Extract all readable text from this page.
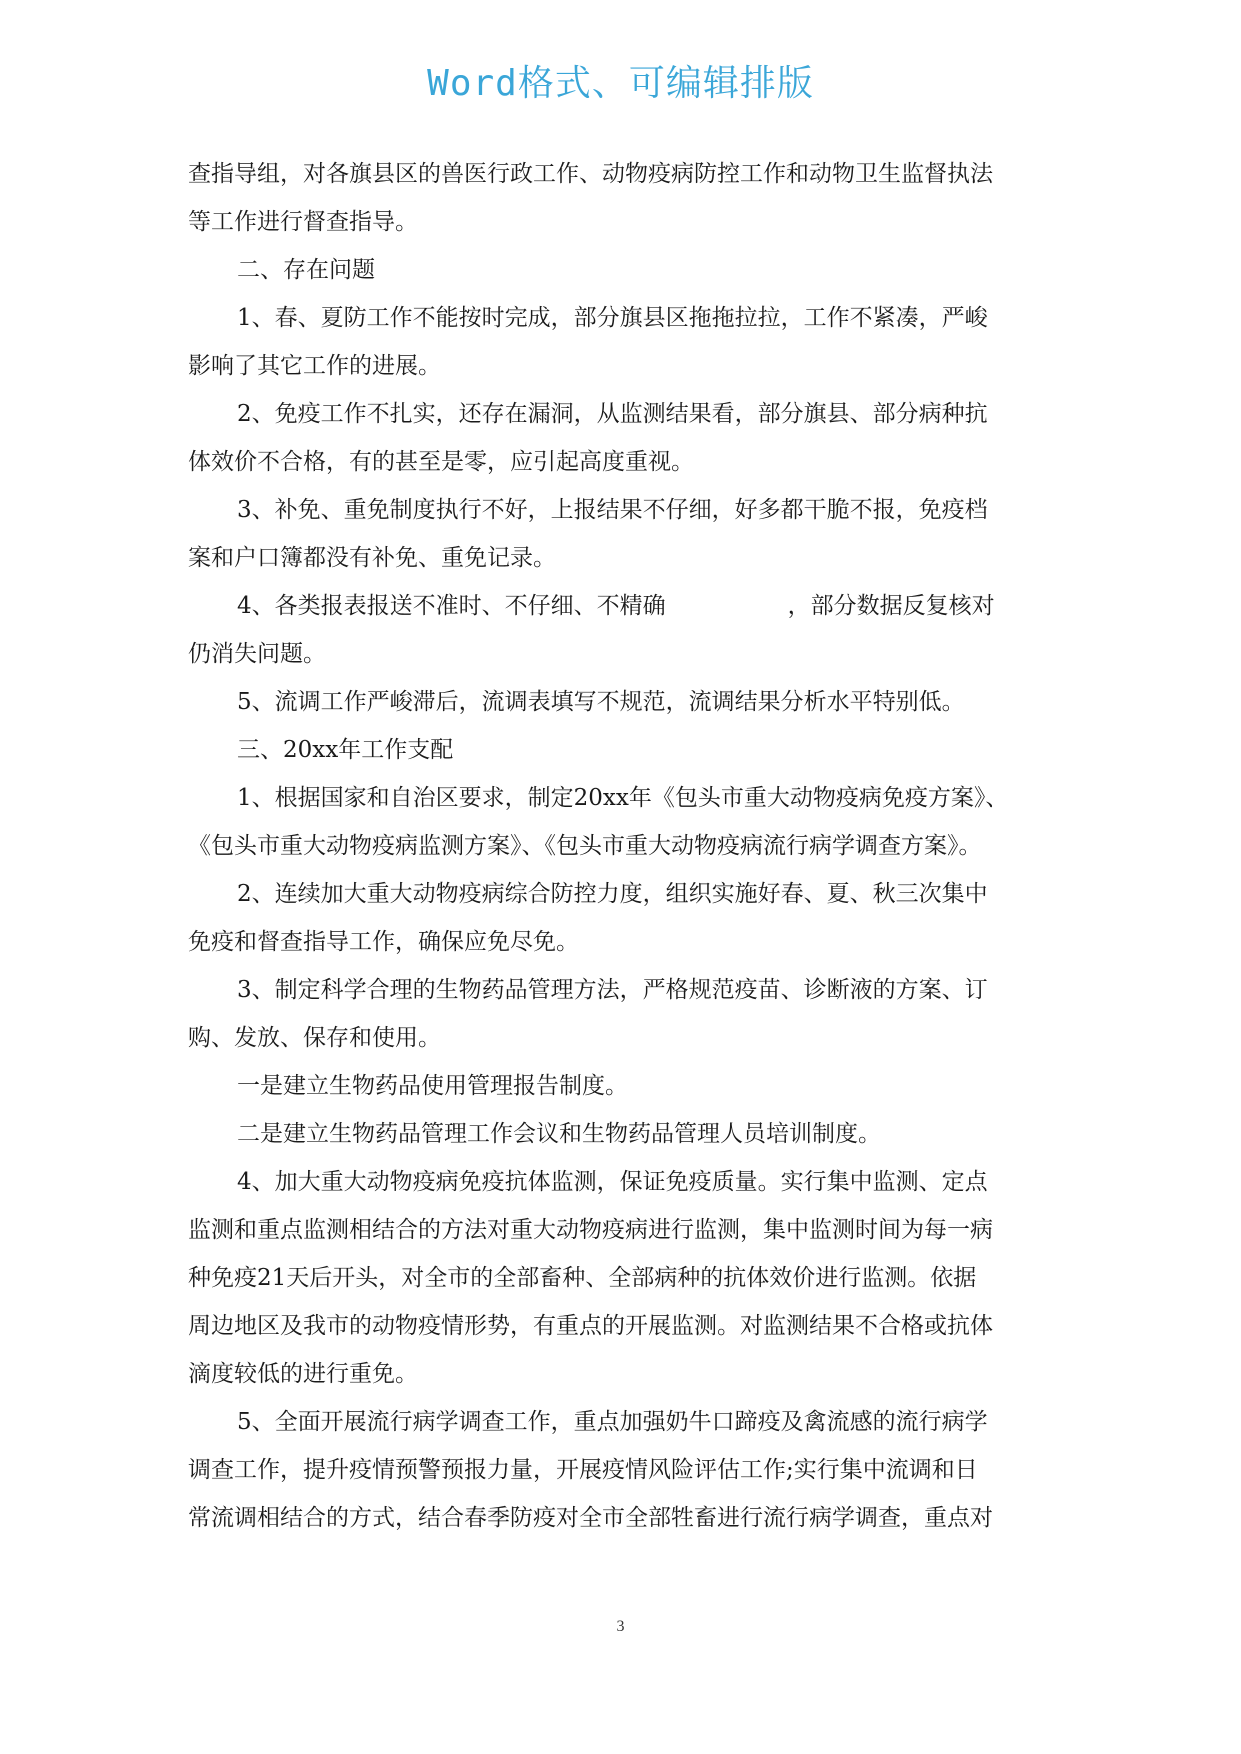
Word格式、可编辑排版
查指导组，对各旗县区的兽医行政工作、动物疫病防控工作和动物卫生监督执法
等工作进行督查指导。
二、存在问题
1、春、夏防工作不能按时完成，部分旗县区拖拖拉拉，工作不紧凑，严峻
影响了其它工作的进展。
2、免疫工作不扎实，还存在漏洞，从监测结果看，部分旗县、部分病种抗
体效价不合格，有的甚至是零，应引起高度重视。
3、补免、重免制度执行不好，上报结果不仔细，好多都干脆不报，免疫档
案和户口簿都没有补免、重免记录。
4、各类报表报送不准时、不仔细、不精确	，部分数据反复核对
仍消失问题。
5、流调工作严峻滞后，流调表填写不规范，流调结果分析水平特别低。
三、20xx年工作支配
1、根据国家和自治区要求，制定20xx年《包头市重大动物疫病免疫方案》、
《包头市重大动物疫病监测方案》、《包头市重大动物疫病流行病学调查方案》。
2、连续加大重大动物疫病综合防控力度，组织实施好春、夏、秋三次集中
免疫和督查指导工作，确保应免尽免。
3、制定科学合理的生物药品管理方法，严格规范疫苗、诊断液的方案、订
购、发放、保存和使用。
一是建立生物药品使用管理报告制度。
二是建立生物药品管理工作会议和生物药品管理人员培训制度。
4、加大重大动物疫病免疫抗体监测，保证免疫质量。实行集中监测、定点
监测和重点监测相结合的方法对重大动物疫病进行监测，集中监测时间为每一病
种免疫21天后开头，对全市的全部畜种、全部病种的抗体效价进行监测。依据
周边地区及我市的动物疫情形势，有重点的开展监测。对监测结果不合格或抗体
滴度较低的进行重免。
5、全面开展流行病学调查工作，重点加强奶牛口蹄疫及禽流感的流行病学
调查工作，提升疫情预警预报力量，开展疫情风险评估工作;实行集中流调和日
常流调相结合的方式，结合春季防疫对全市全部牲畜进行流行病学调查，重点对
3
